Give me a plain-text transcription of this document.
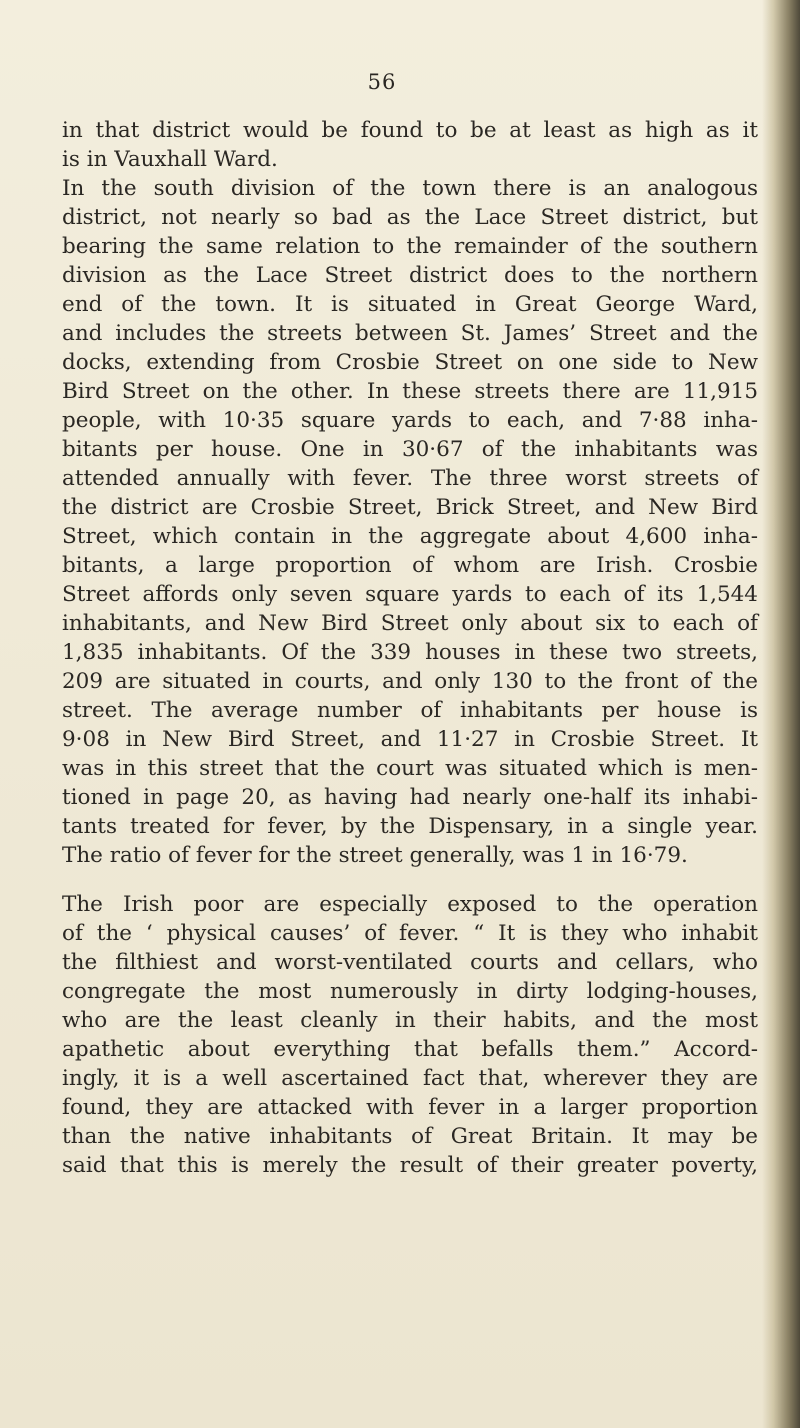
56
in that district would be found to be at least as high as it
is in Vauxhall Ward.
In the south division of the town there is an analogous
district, not nearly so bad as the Lace Street district, but
bearing the same relation to the remainder of the southern
division as the Lace Street district does to the northern
end of the town. It is situated in Great George Ward,
and includes the streets between St. James’ Street and the
docks, extending from Crosbie Street on one side to New
Bird Street on the other. In these streets there are 11,915
people, with 10·35 square yards to each, and 7·88 inha-
bitants per house. One in 30·67 of the inhabitants was
attended annually with fever. The three worst streets of
the district are Crosbie Street, Brick Street, and New Bird
Street, which contain in the aggregate about 4,600 inha-
bitants, a large proportion of whom are Irish. Crosbie
Street affords only seven square yards to each of its 1,544
inhabitants, and New Bird Street only about six to each of
1,835 inhabitants. Of the 339 houses in these two streets,
209 are situated in courts, and only 130 to the front of the
street. The average number of inhabitants per house is
9·08 in New Bird Street, and 11·27 in Crosbie Street. It
was in this street that the court was situated which is men-
tioned in page 20, as having had nearly one-half its inhabi-
tants treated for fever, by the Dispensary, in a single year.
The ratio of fever for the street generally, was 1 in 16·79.
The Irish poor are especially exposed to the operation
of the ‘ physical causes’ of fever. “ It is they who inhabit
the filthiest and worst-ventilated courts and cellars, who
congregate the most numerously in dirty lodging-houses,
who are the least cleanly in their habits, and the most
apathetic about everything that befalls them.” Accord-
ingly, it is a well ascertained fact that, wherever they are
found, they are attacked with fever in a larger proportion
than the native inhabitants of Great Britain. It may be
said that this is merely the result of their greater poverty,
